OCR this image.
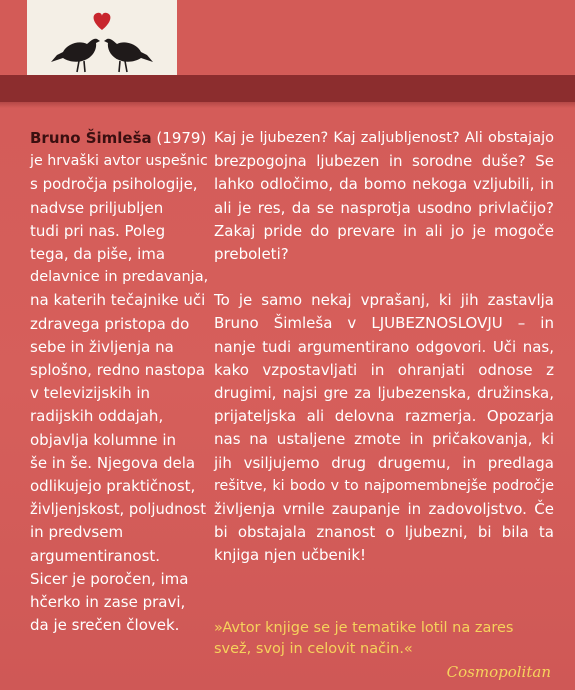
Bruno Šimleša (1979)
je hrvaški avtor uspešnic
s področja psihologije,
nadvse priljubljen
tudi pri nas. Poleg
tega, da piše, ima
delavnice in predavanja,
na katerih tečajnike uči
zdravega pristopa do
sebe in življenja na
splošno, redno nastopa
v televizijskih in
radijskih oddajah,
objavlja kolumne in
še in še. Njegova dela
odlikujejo praktičnost,
življenjskost, poljudnost
in predvsem
argumentiranost.
Sicer je poročen, ima
hčerko in zase pravi,
da je srečen človek.
Kaj je ljubezen? Kaj zaljubljenost? Ali obstajajo
brezpogojna ljubezen in sorodne duše? Se
lahko odločimo, da bomo nekoga vzljubili, in
ali je res, da se nasprotja usodno privlačijo?
Zakaj pride do prevare in ali jo je mogoče
preboleti?
To je samo nekaj vprašanj, ki jih zastavlja
Bruno Šimleša v LJUBEZNOSLOVJU – in
nanje tudi argumentirano odgovori. Uči nas,
kako vzpostavljati in ohranjati odnose z
drugimi, najsi gre za ljubezenska, družinska,
prijateljska ali delovna razmerja. Opozarja
nas na ustaljene zmote in pričakovanja, ki
jih vsiljujemo drug drugemu, in predlaga
rešitve, ki bodo v to najpomembnejše področje
življenja vrnile zaupanje in zadovoljstvo. Če
bi obstajala znanost o ljubezni, bi bila ta
knjiga njen učbenik!
»Avtor knjige se je tematike lotil na zares
svež, svoj in celovit način.«
Cosmopolitan
